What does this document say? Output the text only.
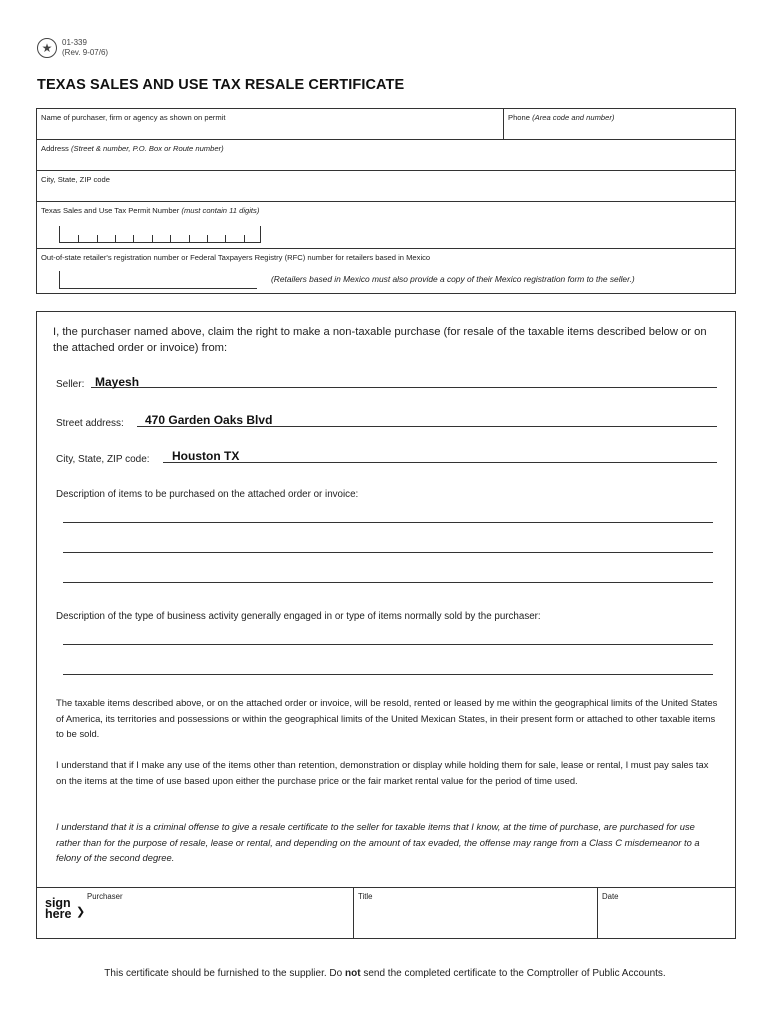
★ 01-339
(Rev. 9-07/6)
TEXAS SALES AND USE TAX RESALE CERTIFICATE
Name of purchaser, firm or agency as shown on permit	Phone (Area code and number)
Address (Street & number, P.O. Box or Route number)
City, State, ZIP code
Texas Sales and Use Tax Permit Number (must contain 11 digits)
Out-of-state retailer's registration number or Federal Taxpayers Registry (RFC) number for retailers based in Mexico
(Retailers based in Mexico must also provide a copy of their Mexico registration form to the seller.)
I, the purchaser named above, claim the right to make a non-taxable purchase (for resale of the taxable items described below or on the attached order or invoice) from:
Seller: Mayesh
Street address: 470 Garden Oaks Blvd
City, State, ZIP code: Houston TX
Description of items to be purchased on the attached order or invoice:
Description of the type of business activity generally engaged in or type of items normally sold by the purchaser:
The taxable items described above, or on the attached order or invoice, will be resold, rented or leased by me within the geographical limits of the United States of America, its territories and possessions or within the geographical limits of the United Mexican States, in their present form or attached to other taxable items to be sold.
I understand that if I make any use of the items other than retention, demonstration or display while holding them for sale, lease or rental, I must pay sales tax on the items at the time of use based upon either the purchase price or the fair market rental value for the period of time used.
I understand that it is a criminal offense to give a resale certificate to the seller for taxable items that I know, at the time of purchase, are purchased for use rather than for the purpose of resale, lease or rental, and depending on the amount of tax evaded, the offense may range from a Class C misdemeanor to a felony of the second degree.
sign
here ❯
Purchaser	Title	Date
This certificate should be furnished to the supplier. Do not send the completed certificate to the Comptroller of Public Accounts.
